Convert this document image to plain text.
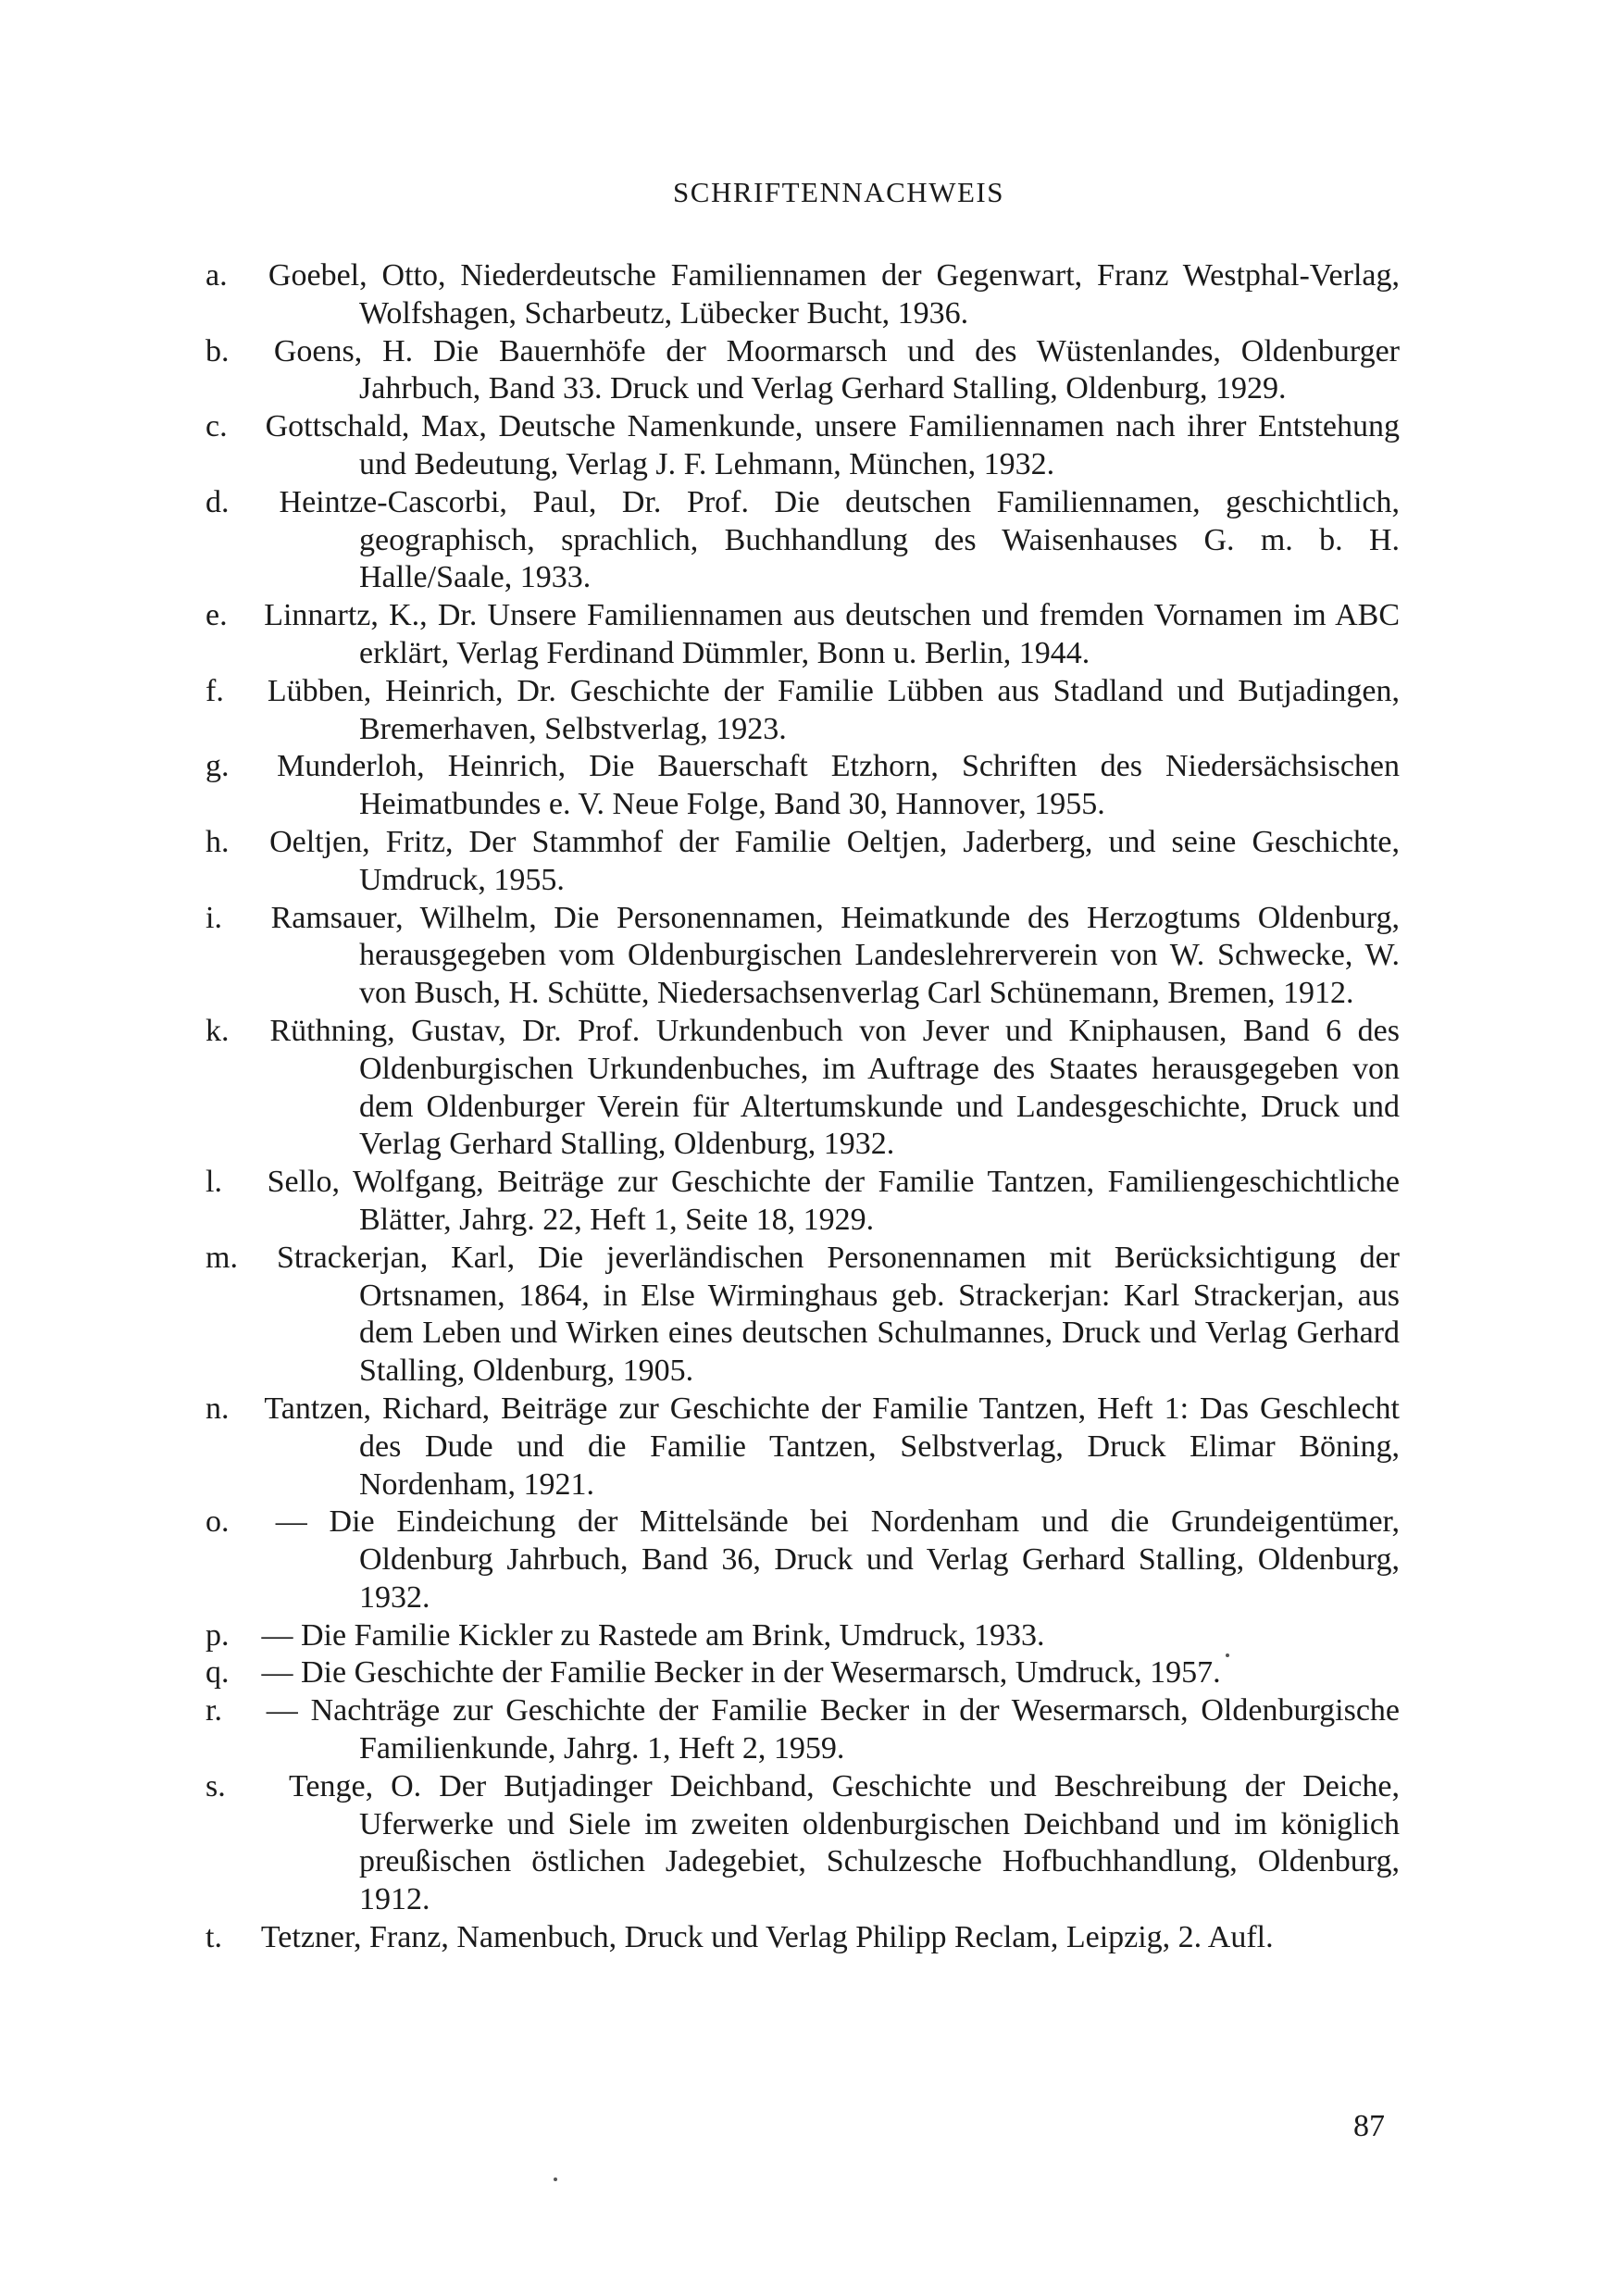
SCHRIFTENNACHWEIS
a. Goebel, Otto, Niederdeutsche Familiennamen der Gegenwart, Franz Westphal-Verlag, Wolfshagen, Scharbeutz, Lübecker Bucht, 1936.
b. Goens, H. Die Bauernhöfe der Moormarsch und des Wüstenlandes, Oldenburger Jahrbuch, Band 33. Druck und Verlag Gerhard Stalling, Oldenburg, 1929.
c. Gottschald, Max, Deutsche Namenkunde, unsere Familiennamen nach ihrer Entstehung und Bedeutung, Verlag J. F. Lehmann, München, 1932.
d. Heintze-Cascorbi, Paul, Dr. Prof. Die deutschen Familiennamen, geschichtlich, geographisch, sprachlich, Buchhandlung des Waisenhauses G. m. b. H. Halle/Saale, 1933.
e. Linnartz, K., Dr. Unsere Familiennamen aus deutschen und fremden Vornamen im ABC erklärt, Verlag Ferdinand Dümmler, Bonn u. Berlin, 1944.
f. Lübben, Heinrich, Dr. Geschichte der Familie Lübben aus Stadland und Butjadingen, Bremerhaven, Selbstverlag, 1923.
g. Munderloh, Heinrich, Die Bauerschaft Etzhorn, Schriften des Niedersächsischen Heimatbundes e. V. Neue Folge, Band 30, Hannover, 1955.
h. Oeltjen, Fritz, Der Stammhof der Familie Oeltjen, Jaderberg, und seine Geschichte, Umdruck, 1955.
i. Ramsauer, Wilhelm, Die Personennamen, Heimatkunde des Herzogtums Oldenburg, herausgegeben vom Oldenburgischen Landeslehrerverein von W. Schwecke, W. von Busch, H. Schütte, Niedersachsenverlag Carl Schünemann, Bremen, 1912.
k. Rüthning, Gustav, Dr. Prof. Urkundenbuch von Jever und Kniphausen, Band 6 des Oldenburgischen Urkundenbuches, im Auftrage des Staates herausgegeben von dem Oldenburger Verein für Altertumskunde und Landesgeschichte, Druck und Verlag Gerhard Stalling, Oldenburg, 1932.
l. Sello, Wolfgang, Beiträge zur Geschichte der Familie Tantzen, Familiengeschichtliche Blätter, Jahrg. 22, Heft 1, Seite 18, 1929.
m. Strackerjan, Karl, Die jeverländischen Personennamen mit Berücksichtigung der Ortsnamen, 1864, in Else Wirminghaus geb. Strackerjan: Karl Strackerjan, aus dem Leben und Wirken eines deutschen Schulmannes, Druck und Verlag Gerhard Stalling, Oldenburg, 1905.
n. Tantzen, Richard, Beiträge zur Geschichte der Familie Tantzen, Heft 1: Das Geschlecht des Dude und die Familie Tantzen, Selbstverlag, Druck Elimar Böning, Nordenham, 1921.
o. — Die Eindeichung der Mittelsände bei Nordenham und die Grundeigentümer, Oldenburg Jahrbuch, Band 36, Druck und Verlag Gerhard Stalling, Oldenburg, 1932.
p. — Die Familie Kickler zu Rastede am Brink, Umdruck, 1933.
q. — Die Geschichte der Familie Becker in der Wesermarsch, Umdruck, 1957.
r. — Nachträge zur Geschichte der Familie Becker in der Wesermarsch, Oldenburgische Familienkunde, Jahrg. 1, Heft 2, 1959.
s. Tenge, O. Der Butjadinger Deichband, Geschichte und Beschreibung der Deiche, Uferwerke und Siele im zweiten oldenburgischen Deichband und im königlich preußischen östlichen Jadegebiet, Schulzesche Hofbuchhandlung, Oldenburg, 1912.
t. Tetzner, Franz, Namenbuch, Druck und Verlag Philipp Reclam, Leipzig, 2. Aufl.
87
